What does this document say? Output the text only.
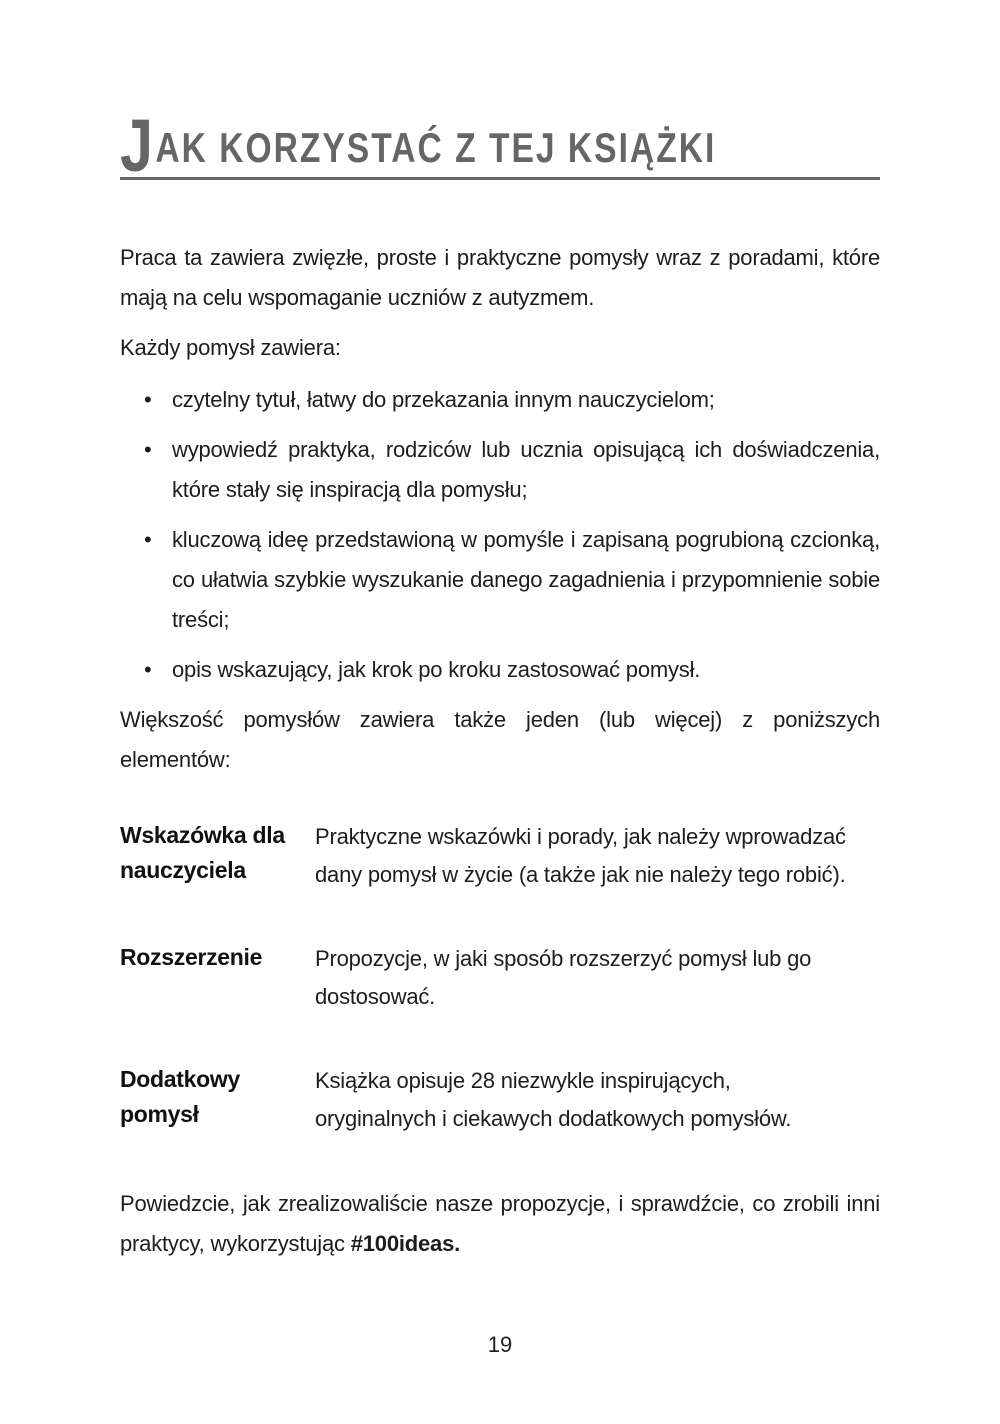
J AK KORZYSTAĆ Z TEJ KSIĄŻKI

Praca ta zawiera zwięzłe, proste i praktyczne pomysły wraz z poradami, które mają na celu wspomaganie uczniów z autyzmem.

Każdy pomysł zawiera:

• czytelny tytuł, łatwy do przekazania innym nauczycielom;
• wypowiedź praktyka, rodziców lub ucznia opisującą ich doświadczenia, które stały się inspiracją dla pomysłu;
• kluczową ideę przedstawioną w pomyśle i zapisaną pogrubioną czcionką, co ułatwia szybkie wyszukanie danego zagadnienia i przypomnienie sobie treści;
• opis wskazujący, jak krok po kroku zastosować pomysł.

Większość pomysłów zawiera także jeden (lub więcej) z poniższych elementów:

Wskazówka dla nauczyciela
Praktyczne wskazówki i porady, jak należy wprowadzać dany pomysł w życie (a także jak nie należy tego robić).
Rozszerzenie	Propozycje, w jaki sposób rozszerzyć pomysł lub go dostosować.
Dodatkowy pomysł
Książka opisuje 28 niezwykle inspirujących, oryginalnych i ciekawych dodatkowych pomysłów.

Powiedzcie, jak zrealizowaliście nasze propozycje, i sprawdźcie, co zrobili inni praktycy, wykorzystując #100ideas.

19
